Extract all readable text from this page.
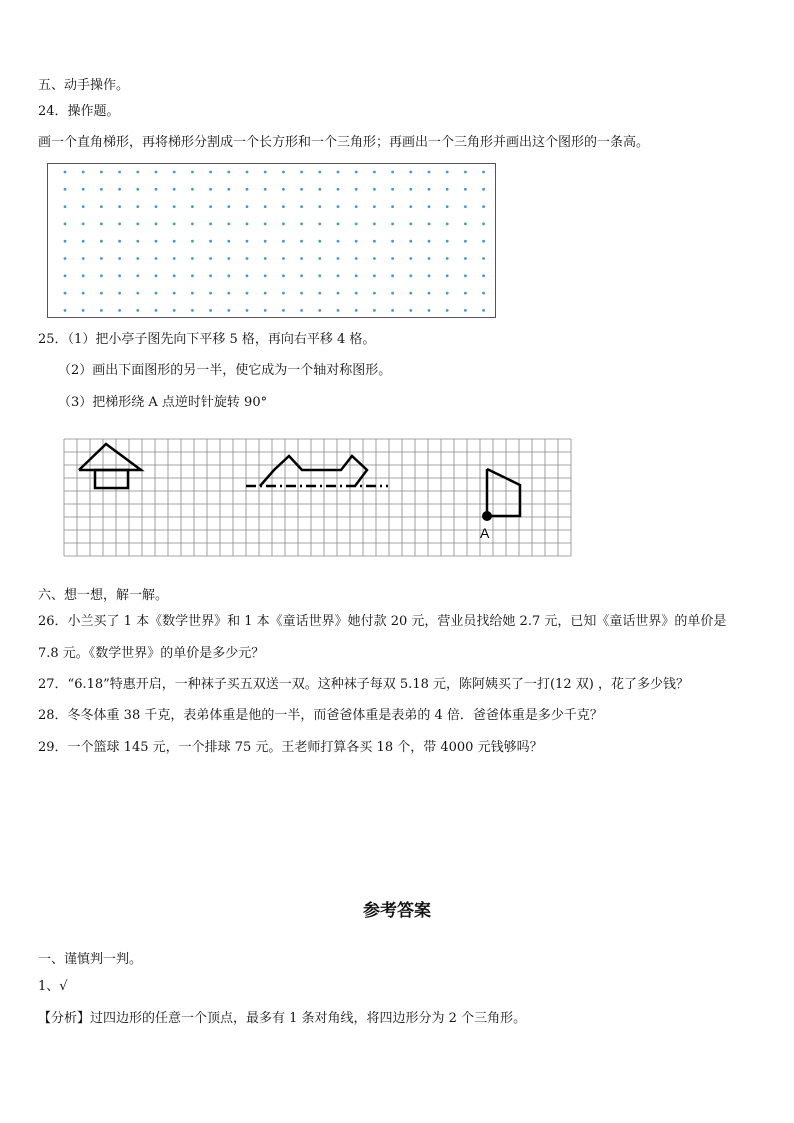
五、动手操作。
24．操作题。
画一个直角梯形，再将梯形分割成一个长方形和一个三角形；再画出一个三角形并画出这个图形的一条高。
25．（1）把小亭子图先向下平移 5 格，再向右平移 4 格。
（2）画出下面图形的另一半，使它成为一个轴对称图形。
（3）把梯形绕 A 点逆时针旋转 90°
A
六、想一想，解一解。
26．小兰买了 1 本《数学世界》和 1 本《童话世界》她付款 20 元，营业员找给她 2.7 元，已知《童话世界》的单价是
7.8 元。《数学世界》的单价是多少元？
27．“6.18”特惠开启，一种袜子买五双送一双。这种袜子每双 5.18 元，陈阿姨买了一打(12 双) ，花了多少钱？
28．冬冬体重 38 千克，表弟体重是他的一半，而爸爸体重是表弟的 4 倍．爸爸体重是多少千克？
29．一个篮球 145 元，一个排球 75 元。王老师打算各买 18 个，带 4000 元钱够吗？
参考答案
一、谨慎判一判。
1、√
【分析】过四边形的任意一个顶点，最多有 1 条对角线，将四边形分为 2 个三角形。
